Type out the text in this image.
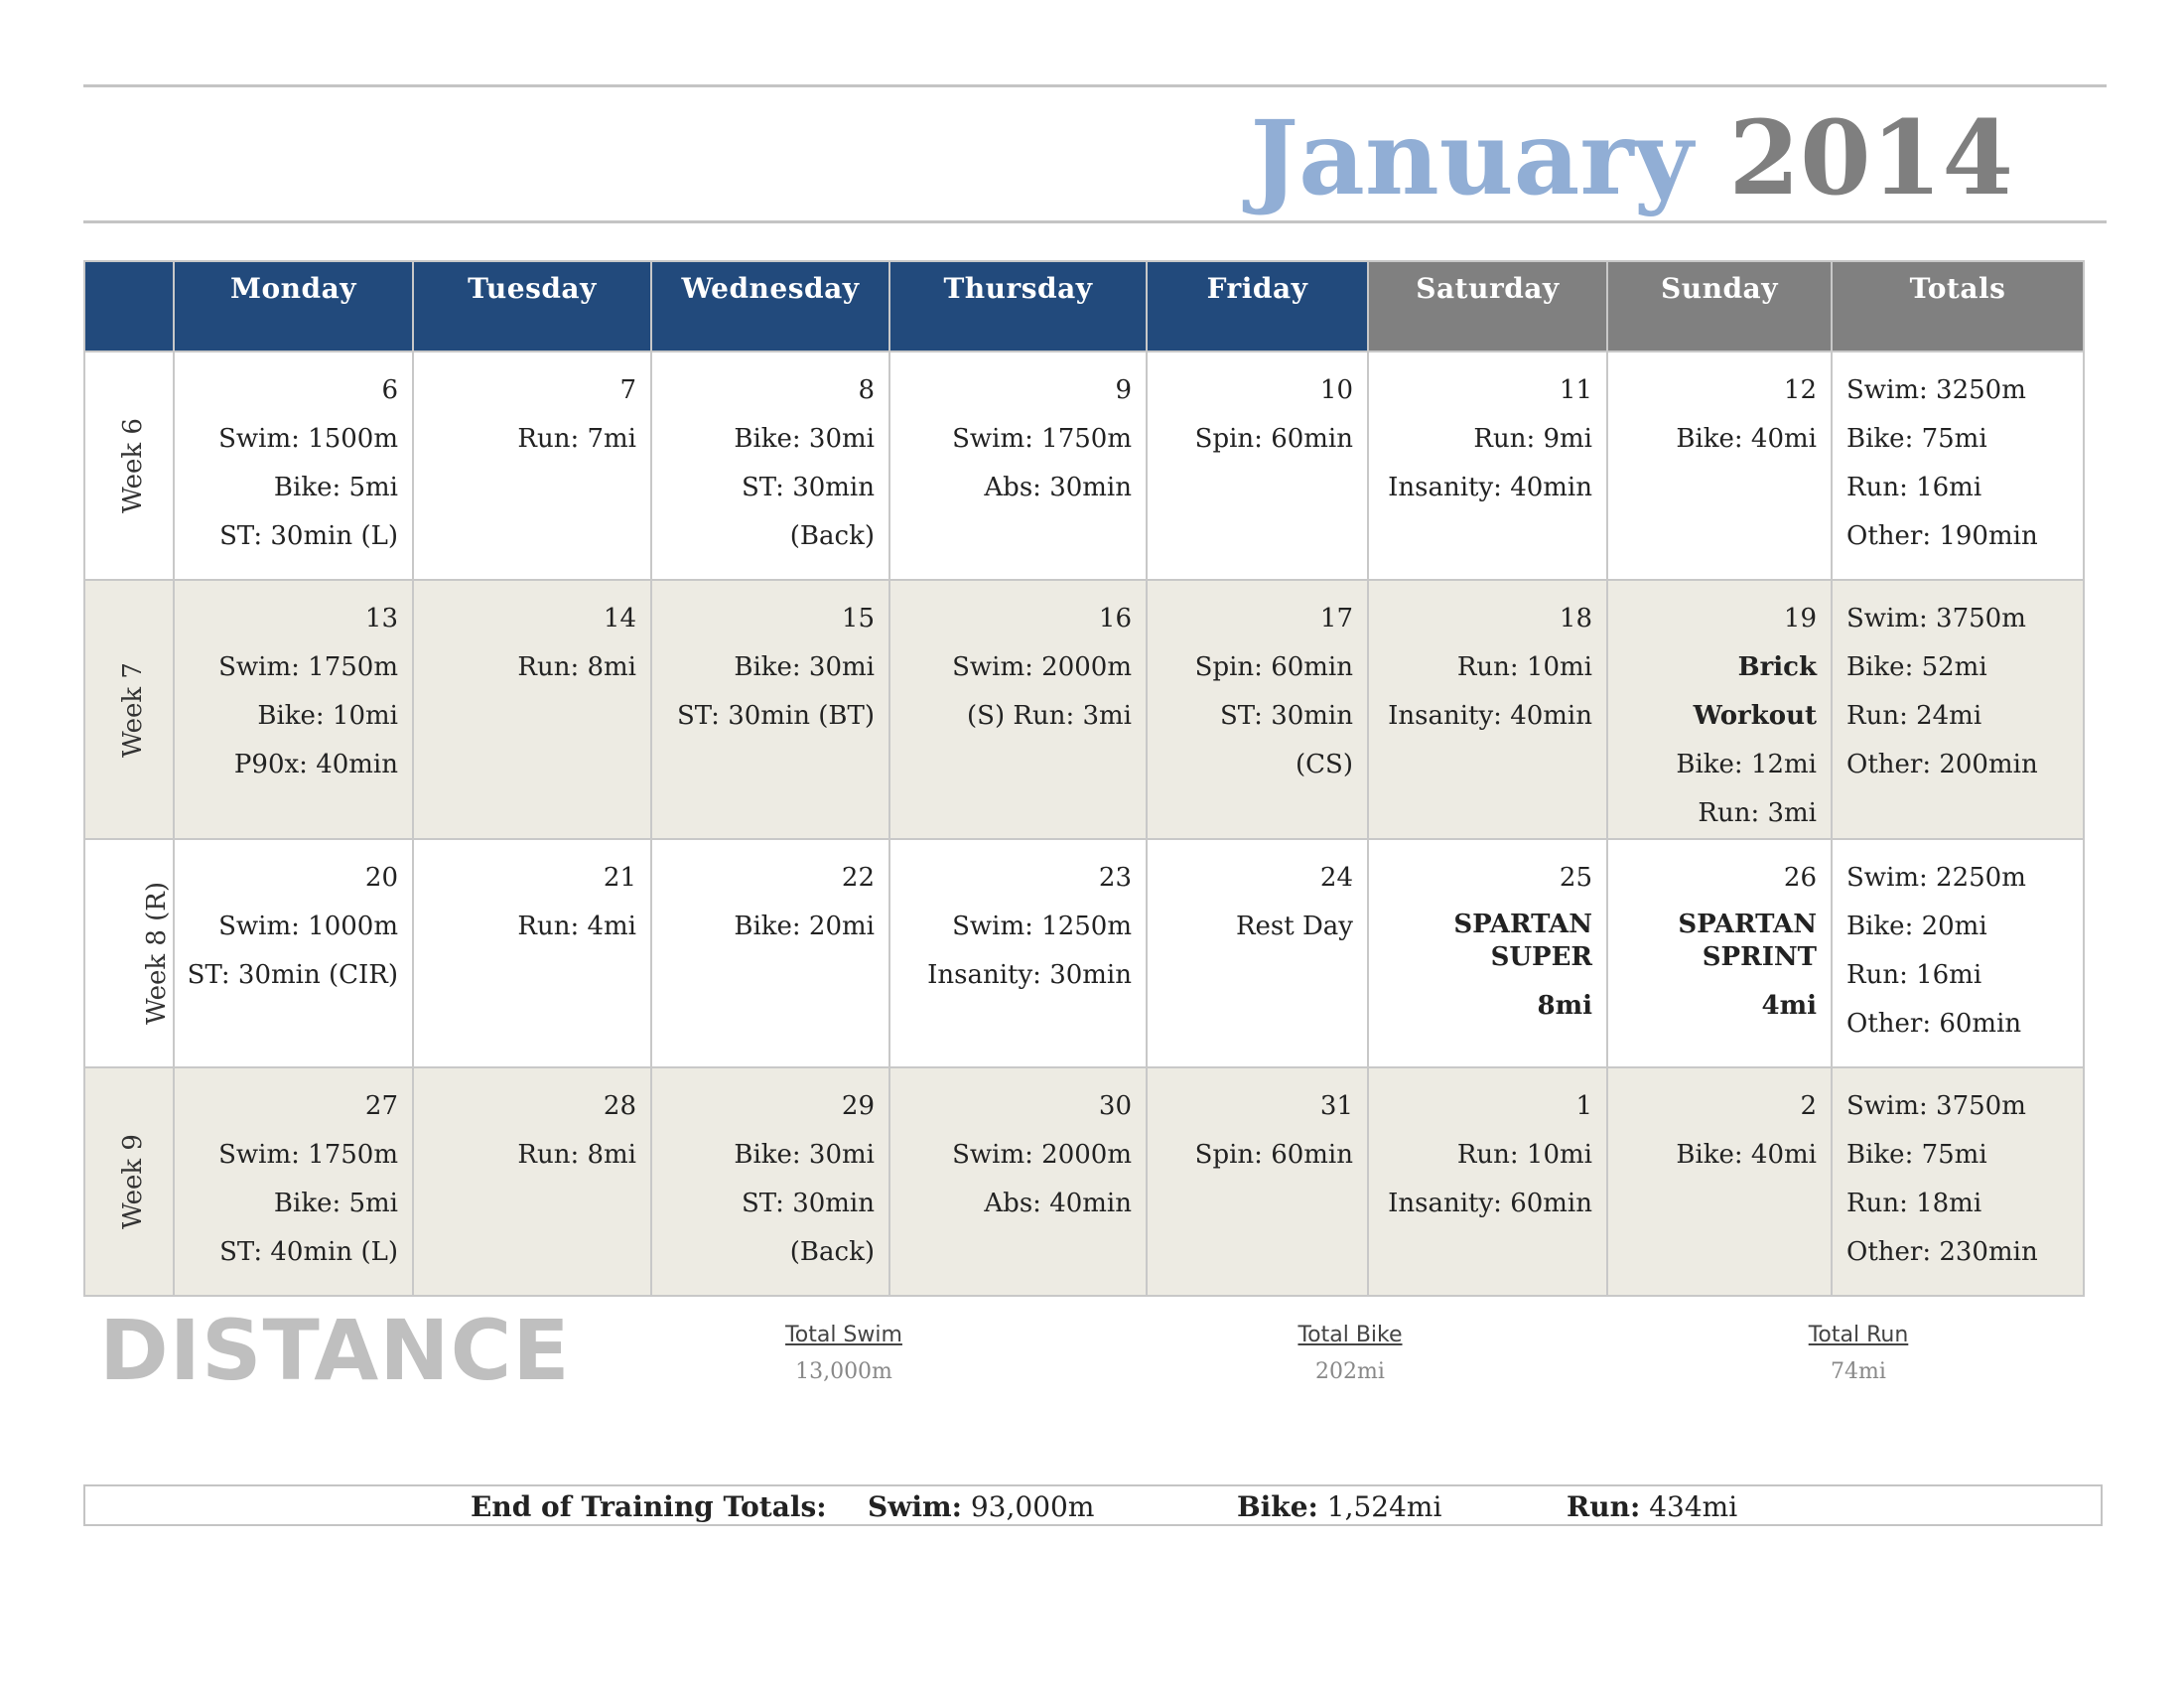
January 2014
	Monday	Tuesday	Wednesday	Thursday	Friday	Saturday	Sunday	Totals
Week 6	6
Swim: 1500m
Bike: 5mi
ST: 30min (L)	7
Run: 7mi	8
Bike: 30mi
ST: 30min (Back)	9
Swim: 1750m
Abs: 30min	10
Spin: 60min	11
Run: 9mi
Insanity: 40min	12
Bike: 40mi	Swim: 3250m
Bike: 75mi
Run: 16mi
Other: 190min

Week 7	13
Swim: 1750m
Bike: 10mi
P90x: 40min	14
Run: 8mi	15
Bike: 30mi
ST: 30min (BT)	16
Swim: 2000m
(S) Run: 3mi	17
Spin: 60min
ST: 30min (CS)	18
Run: 10mi
Insanity: 40min	19
Brick Workout
Bike: 12mi
Run: 3mi	Swim: 3750m
Bike: 52mi
Run: 24mi
Other: 200min

Week 8 (R)	20
Swim: 1000m
ST: 30min (CIR)	21
Run: 4mi	22
Bike: 20mi	23
Swim: 1250m
Insanity: 30min	24
Rest Day	25
SPARTAN
SUPER
8mi	26
SPARTAN
SPRINT
4mi	Swim: 2250m
Bike: 20mi
Run: 16mi
Other: 60min

Week 9	27
Swim: 1750m
Bike: 5mi
ST: 40min (L)	28
Run: 8mi	29
Bike: 30mi
ST: 30min (Back)	30
Swim: 2000m
Abs: 40min	31
Spin: 60min	1
Run: 10mi
Insanity: 60min	2
Bike: 40mi	Swim: 3750m
Bike: 75mi
Run: 18mi
Other: 230min
DISTANCE	Total Swim
13,000m
Total Bike
202mi
Total Run
74mi
End of Training Totals: Swim: 93,000m	Bike: 1,524mi	Run: 434mi
